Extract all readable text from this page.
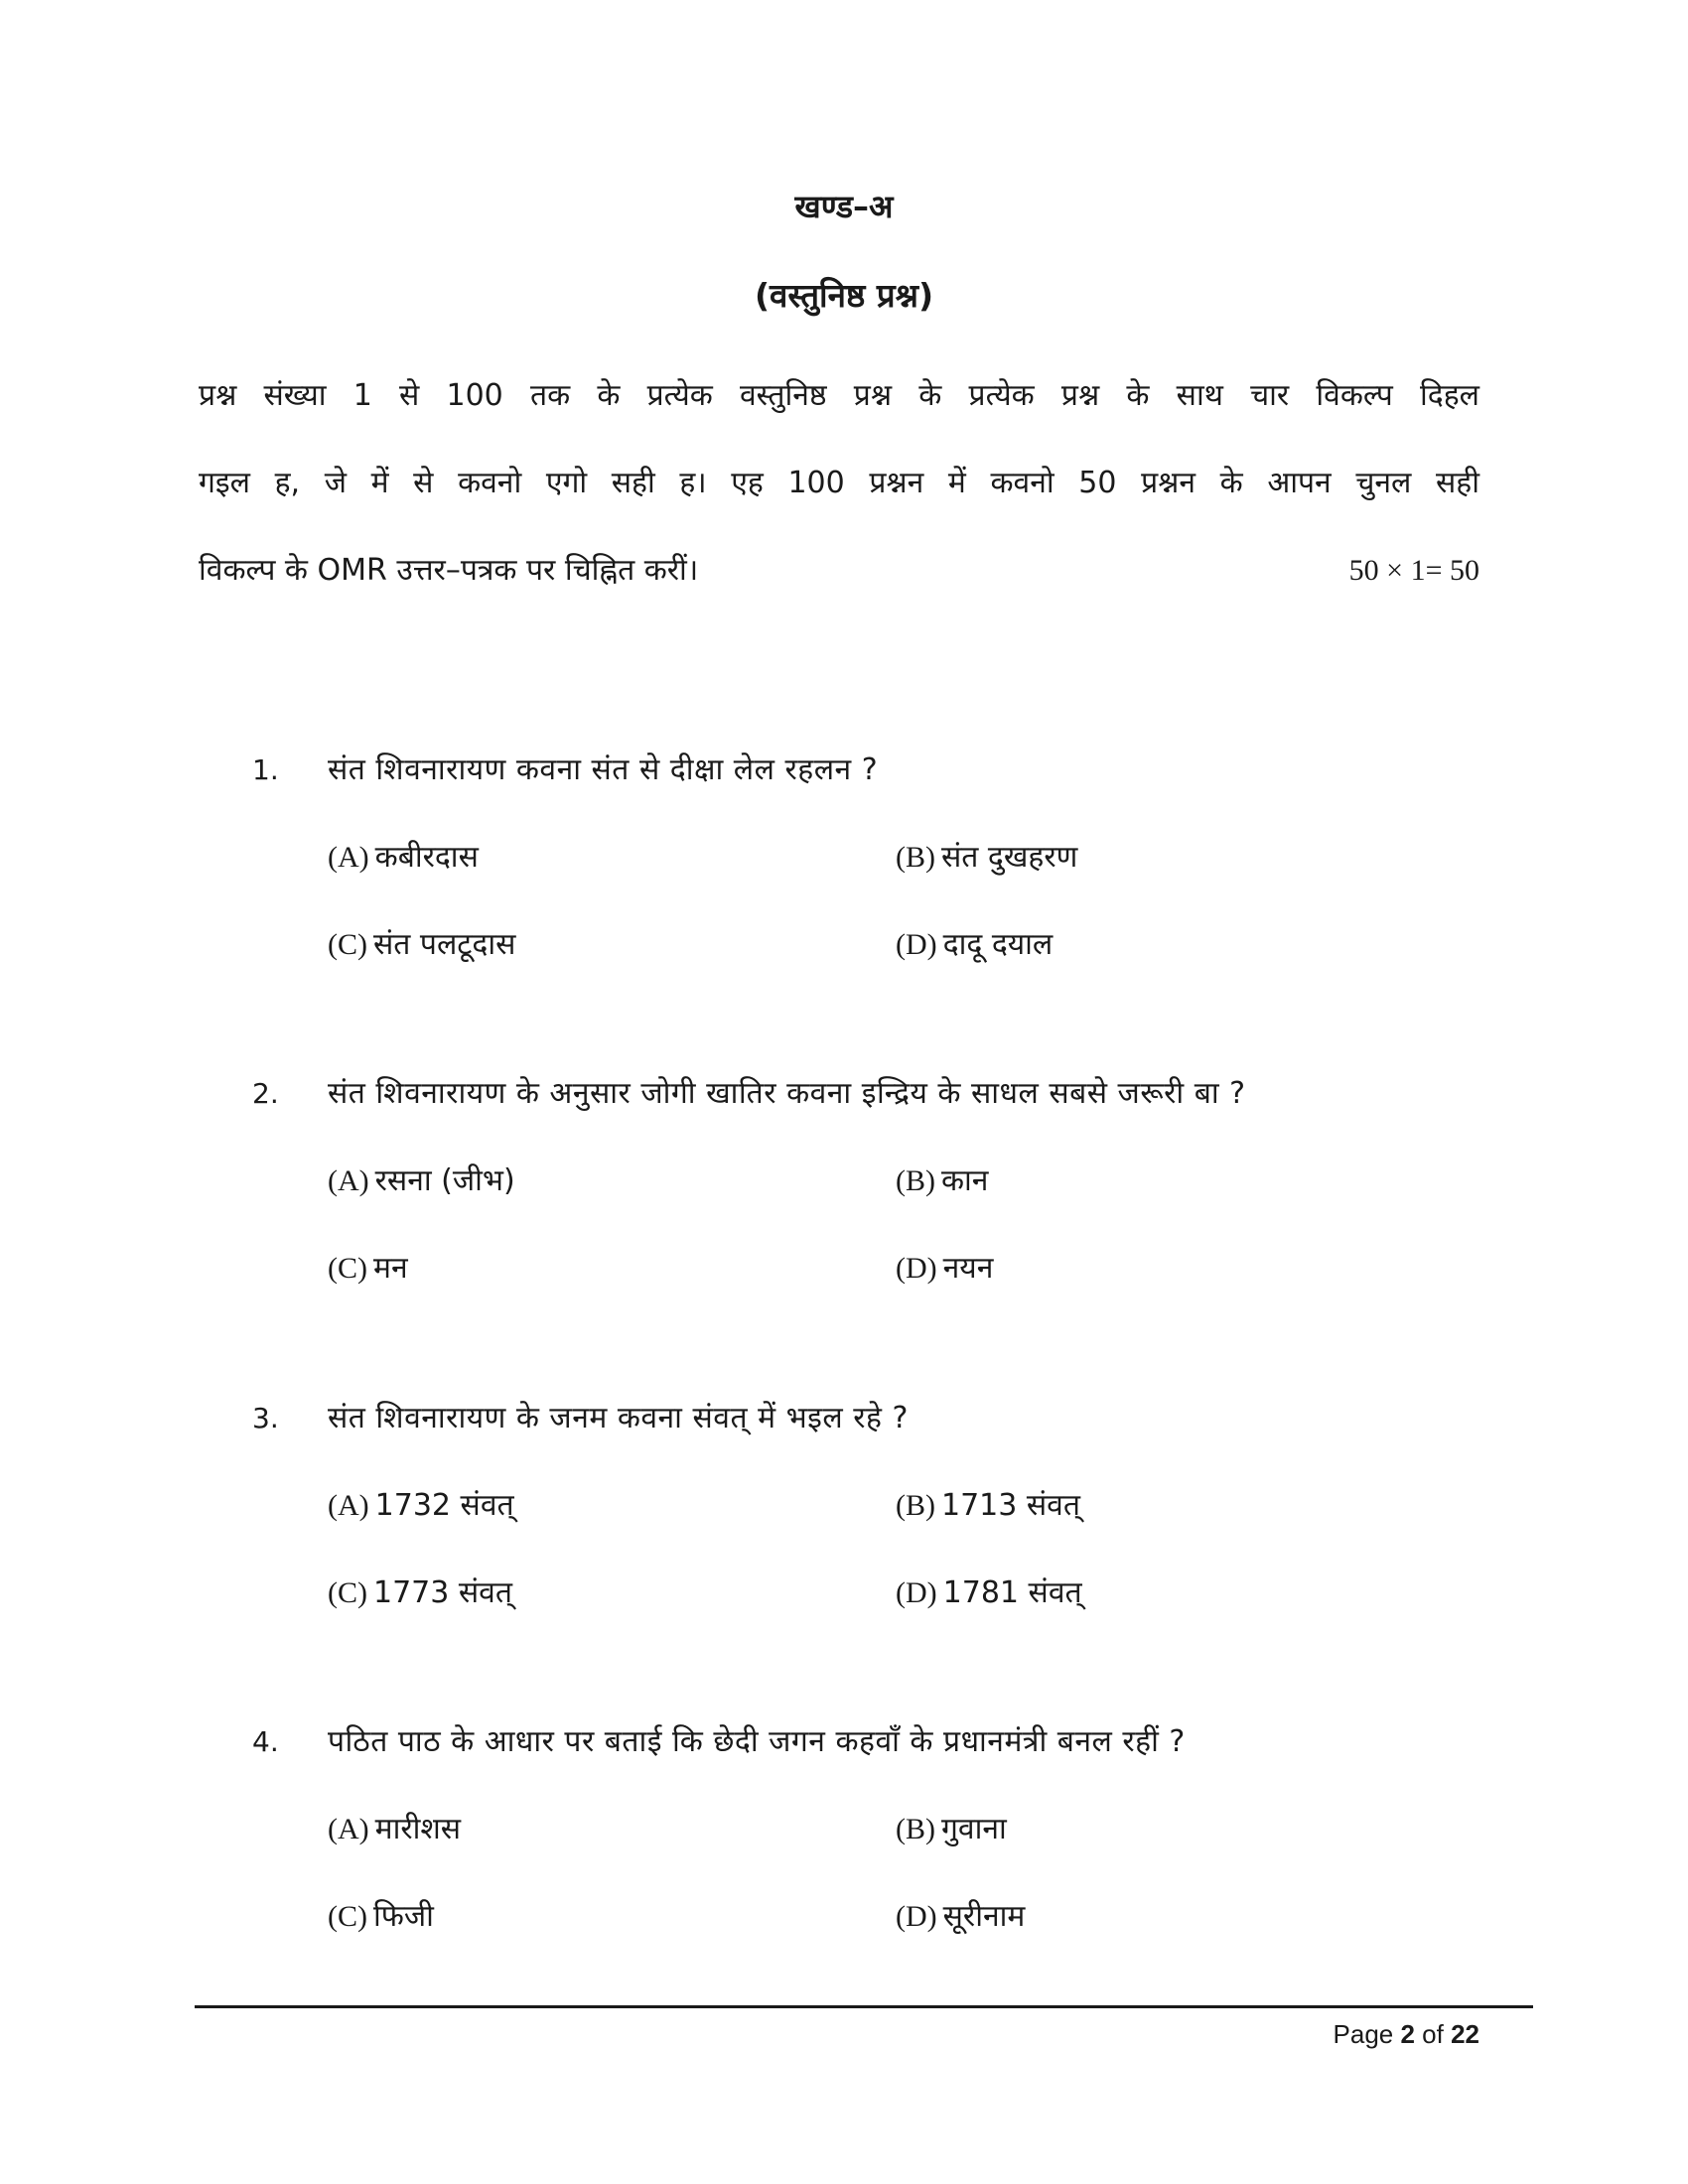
खण्ड–अ
(वस्तुनिष्ठ प्रश्न)
प्रश्न संख्या 1 से 100 तक के प्रत्येक वस्तुनिष्ठ प्रश्न के प्रत्येक प्रश्न के साथ चार विकल्प दिहल
गइल ह, जे में से कवनो एगो सही ह। एह 100 प्रश्नन में कवनो 50 प्रश्नन के आपन चुनल सही
विकल्प के OMR उत्तर–पत्रक पर चिह्नित करीं।	50 × 1= 50
1. संत शिवनारायण कवना संत से दीक्षा लेल रहलन ?
(A) कबीरदास	(B) संत दुखहरण
(C) संत पलटूदास	(D) दादू दयाल
2. संत शिवनारायण के अनुसार जोगी खातिर कवना इन्द्रिय के साधल सबसे जरूरी बा ?
(A) रसना (जीभ)	(B) कान
(C) मन	(D) नयन
3. संत शिवनारायण के जनम कवना संवत् में भइल रहे ?
(A) 1732 संवत्	(B) 1713 संवत्
(C) 1773 संवत्	(D) 1781 संवत्
4. पठित पाठ के आधार पर बताई कि छेदी जगन कहवाँ के प्रधानमंत्री बनल रहीं ?
(A) मारीशस	(B) गुवाना
(C) फिजी	(D) सूरीनाम
Page 2 of 22
